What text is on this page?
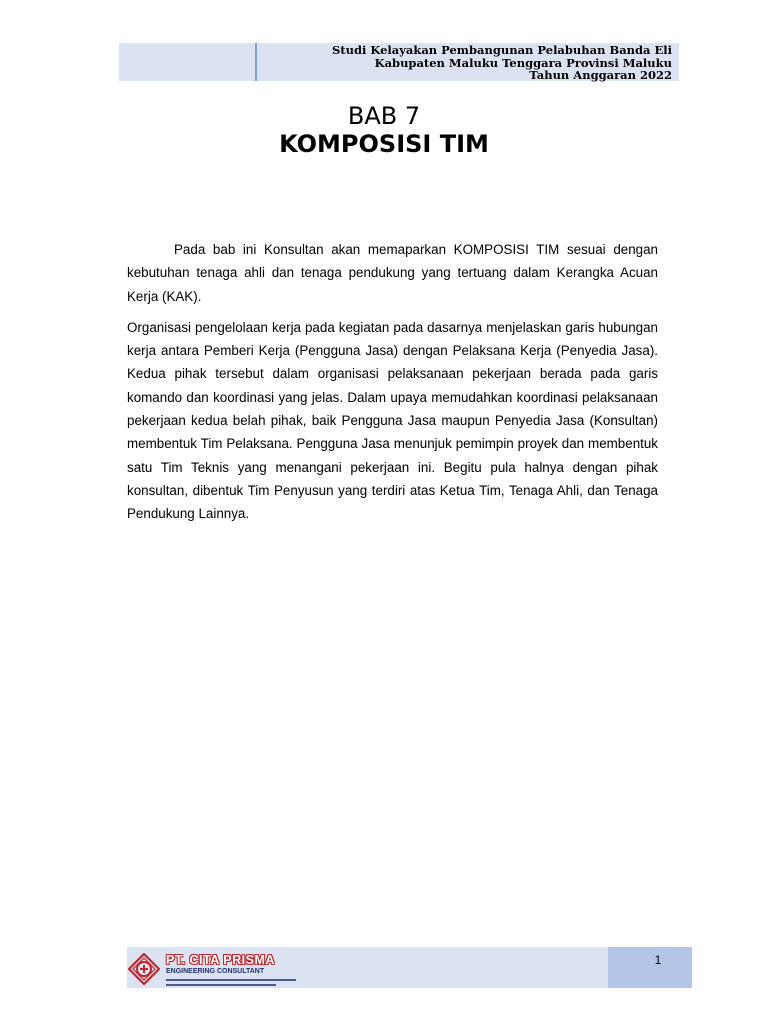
Studi Kelayakan Pembangunan Pelabuhan Banda Eli
Kabupaten Maluku Tenggara Provinsi Maluku
Tahun Anggaran 2022
BAB 7
KOMPOSISI TIM

Pada bab ini Konsultan akan memaparkan KOMPOSISI TIM sesuai dengan kebutuhan tenaga ahli dan tenaga pendukung yang tertuang dalam Kerangka Acuan Kerja (KAK).

Organisasi pengelolaan kerja pada kegiatan pada dasarnya menjelaskan garis hubungan kerja antara Pemberi Kerja (Pengguna Jasa) dengan Pelaksana Kerja (Penyedia Jasa). Kedua pihak tersebut dalam organisasi pelaksanaan pekerjaan berada pada garis komando dan koordinasi yang jelas. Dalam upaya memudahkan koordinasi pelaksanaan pekerjaan kedua belah pihak, baik Pengguna Jasa maupun Penyedia Jasa (Konsultan) membentuk Tim Pelaksana. Pengguna Jasa menunjuk pemimpin proyek dan membentuk satu Tim Teknis yang menangani pekerjaan ini. Begitu pula halnya dengan pihak konsultan, dibentuk Tim Penyusun yang terdiri atas Ketua Tim, Tenaga Ahli, dan Tenaga Pendukung Lainnya.

1
PT. CITA PRISMA
ENGINEERING CONSULTANT
